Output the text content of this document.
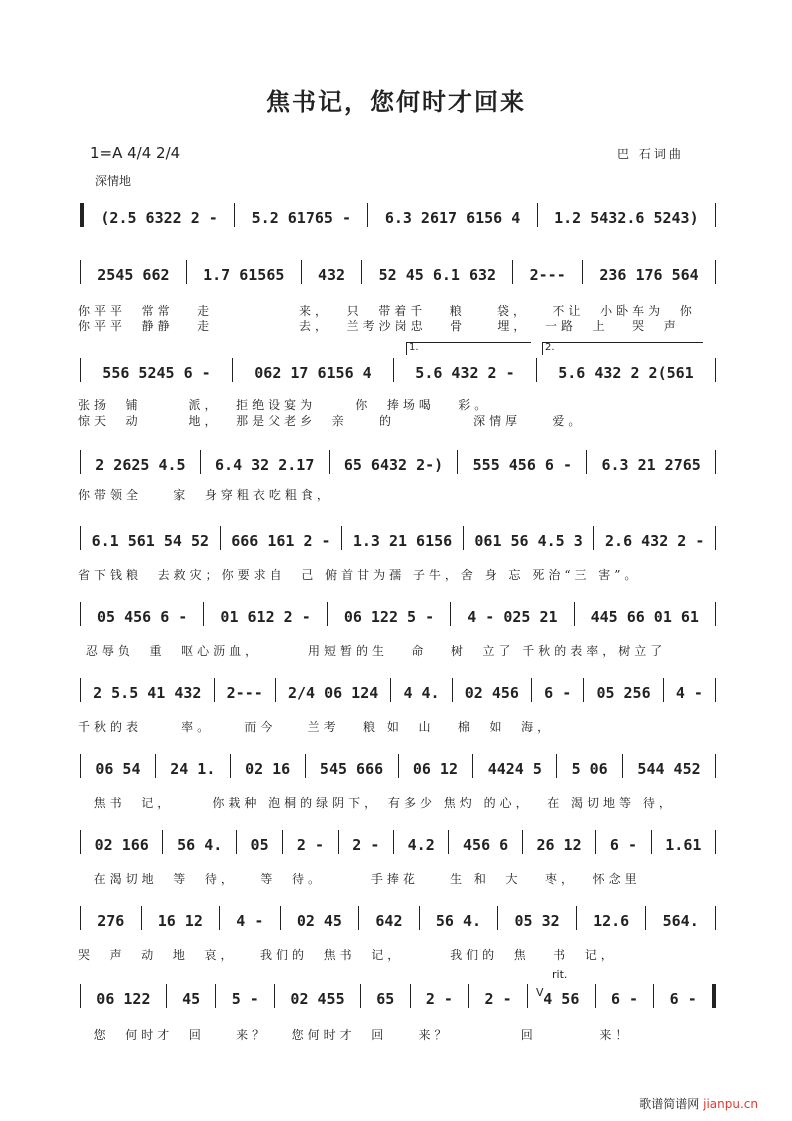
焦书记，您何时才回来
1=A 4/4 2/4
深情地
巴 石词曲
(2.5 6322 2 -	5.2 61765 -	6.3 2617 6156 4	1.2 5432.6 5243)
2545 662	1.7 61565	432	52 45 6.1 632	2---	236 176 564
556 5245 6 -	062 17 6156 4	5.6 432 2 -	5.6 432 2 2(561
2 2625 4.5	6.4 32 2.17	65 6432 2-)	555 456 6 -	6.3 21 2765
6.1 561 54 52	666 161 2 -	1.3 21 6156	061 56 4.5 3	2.6 432 2 -
05 456 6 -	01 612 2 -	06 122 5 -	4 - 025 21	445 66 01 61
2 5.5 41 432	2---	2/4 06 124	4 4.	02 456	6 -	05 256	4 -
06 54	24 1.	02 16	545 666	06 12	4424 5	5 06	544 452
02 166	56 4.	05	2 -	2 -	4.2	456 6	26 12	6 -	1.61
276	16 12	4 -	02 45	642	56 4.	05 32	12.6	564.
06 122	45	5 -	02 455	65	2 -	2 -	4 56	6 -	6 -
你平平  常常   走           来，  只  带着千   粮    袋，   不让  小卧车为  你
你平平  静静   走           去，  兰考沙岗忠   骨    埋，  一路  上   哭  声
张扬  铺      派，  拒绝设宴为     你  捧场喝   彩。
惊天  动      地，  那是父老乡  亲    的          深情厚    爱。
你带领全    家  身穿粗衣吃粗食，
省下钱粮  去救灾；你要求自  己 俯首甘为孺 子牛，舍 身 忘 死治“三 害”。
忍辱负  重  呕心沥血，      用短暂的生   命   树  立了 千秋的表率，树立了
千秋的表     率。    而今    兰考   粮 如  山   棉  如  海，
焦书  记，     你栽种 泡桐的绿阴下， 有多少 焦灼 的心，  在 渴切地等 待，
在渴切地  等  待，   等  待。      手捧花    生 和  大   枣，  怀念里
哭  声  动  地  哀，   我们的  焦书  记，      我们的  焦   书  记，
您  何时才  回    来？   您何时才  回    来？         回        来！
1.	2.
rit.
V
歌谱简谱网 jianpu.cn
